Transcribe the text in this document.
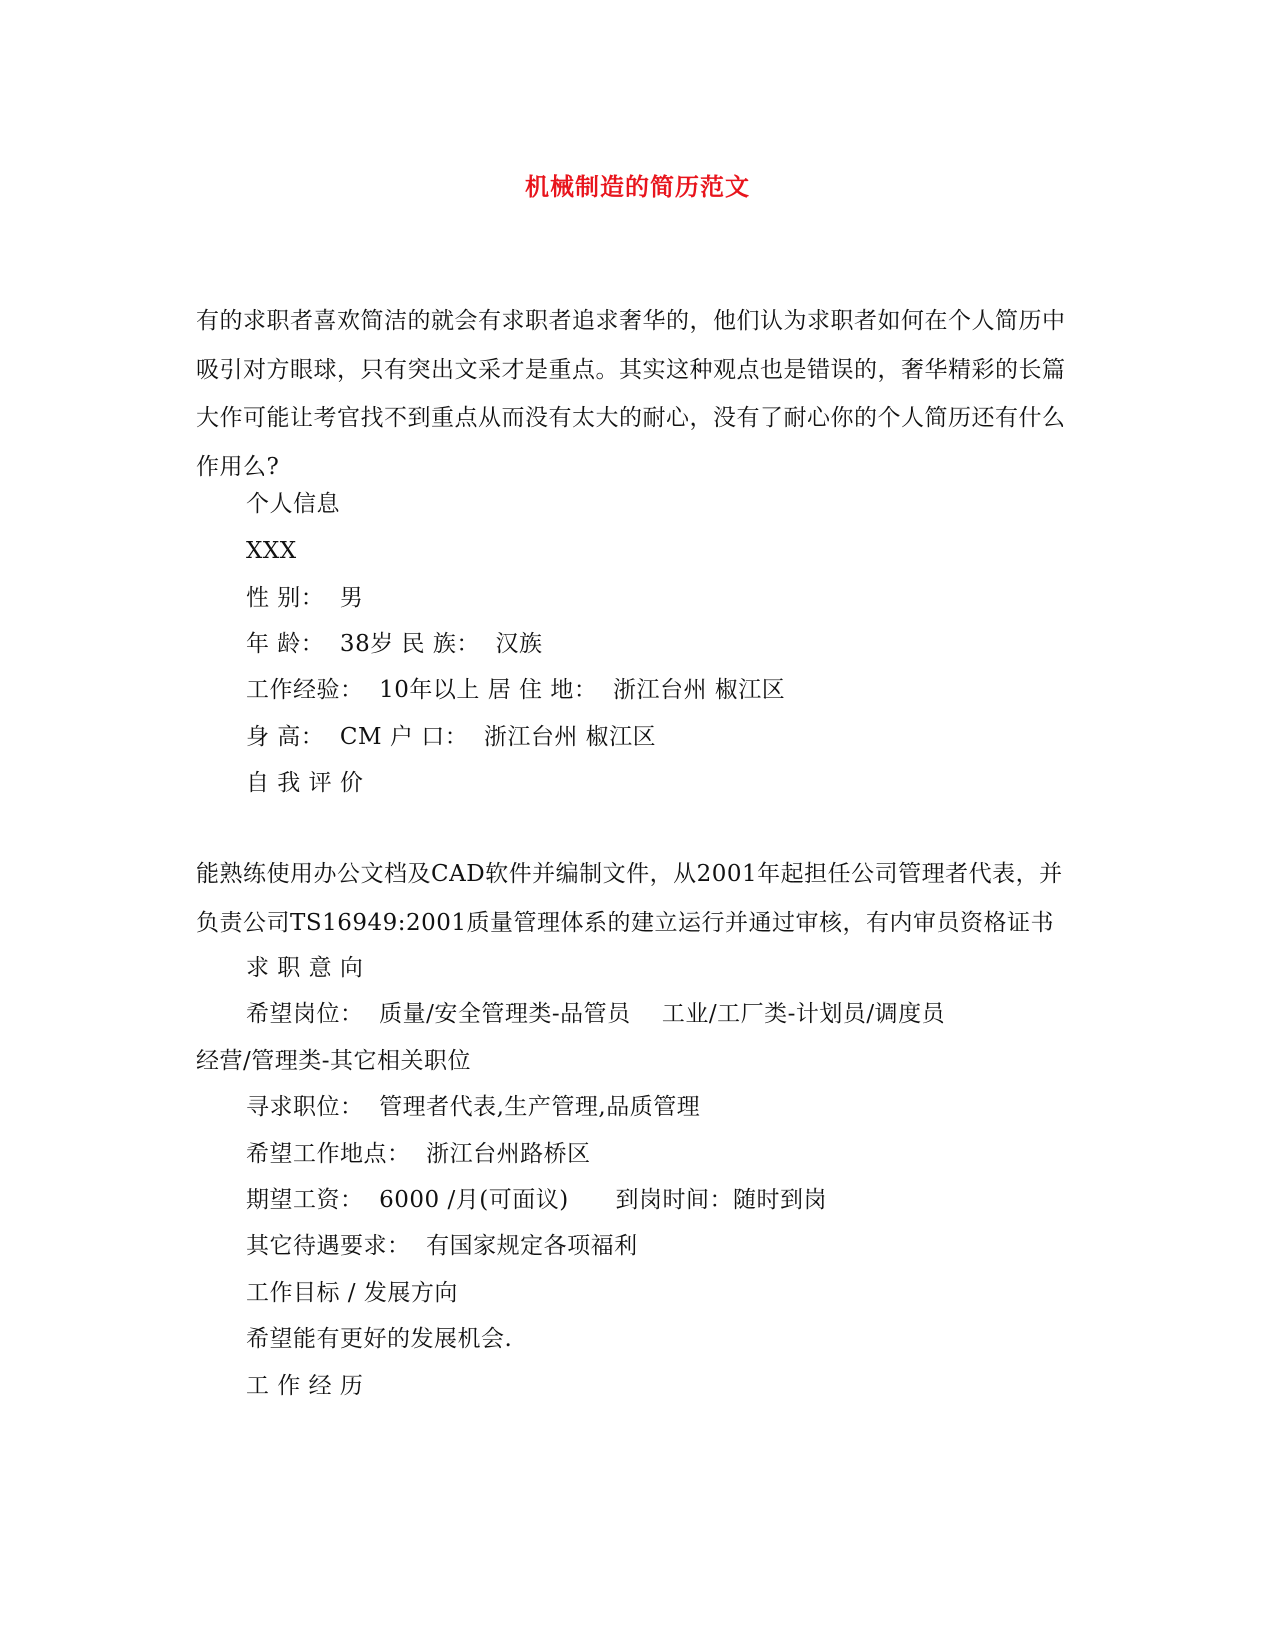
机械制造的简历范文
有的求职者喜欢简洁的就会有求职者追求奢华的，他们认为求职者如何在个人简历中吸引对方眼球，只有突出文采才是重点。其实这种观点也是错误的，奢华精彩的长篇大作可能让考官找不到重点从而没有太大的耐心，没有了耐心你的个人简历还有什么作用么?
个人信息
XXX
性 别：  男
年 龄：  38岁 民 族：  汉族
工作经验：  10年以上 居 住 地：  浙江台州 椒江区
身 高：  CM 户 口：  浙江台州 椒江区
自 我 评 价
能熟练使用办公文档及CAD软件并编制文件，从2001年起担任公司管理者代表，并负责公司TS16949:2001质量管理体系的建立运行并通过审核，有内审员资格证书
求 职 意 向
希望岗位：  质量/安全管理类-品管员    工业/工厂类-计划员/调度员
经营/管理类-其它相关职位
寻求职位：  管理者代表,生产管理,品质管理
希望工作地点：  浙江台州路桥区
期望工资：  6000 /月(可面议)      到岗时间：随时到岗
其它待遇要求：  有国家规定各项福利
工作目标 / 发展方向
希望能有更好的发展机会.
工 作 经 历
